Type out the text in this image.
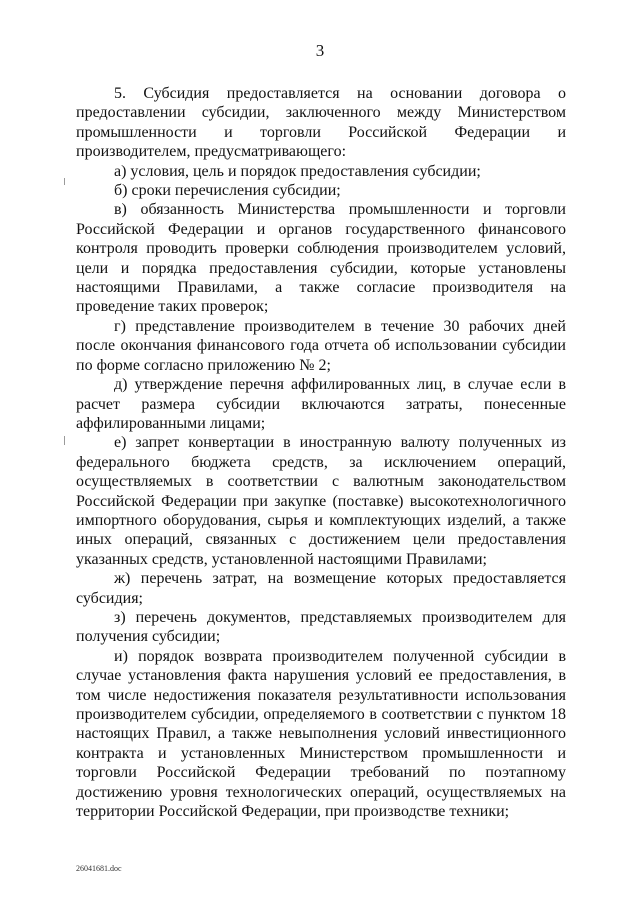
3

5. Субсидия предоставляется на основании договора о предоставлении субсидии, заключенного между Министерством промышленности и торговли Российской Федерации и производителем, предусматривающего:

а) условия, цель и порядок предоставления субсидии;

б) сроки перечисления субсидии;

в) обязанность Министерства промышленности и торговли Российской Федерации и органов государственного финансового контроля проводить проверки соблюдения производителем условий, цели и порядка предоставления субсидии, которые установлены настоящими Правилами, а также согласие производителя на проведение таких проверок;

г) представление производителем в течение 30 рабочих дней после окончания финансового года отчета об использовании субсидии по форме согласно приложению № 2;

д) утверждение перечня аффилированных лиц, в случае если в расчет размера субсидии включаются затраты, понесенные аффилированными лицами;

е) запрет конвертации в иностранную валюту полученных из федерального бюджета средств, за исключением операций, осуществляемых в соответствии с валютным законодательством Российской Федерации при закупке (поставке) высокотехнологичного импортного оборудования, сырья и комплектующих изделий, а также иных операций, связанных с достижением цели предоставления указанных средств, установленной настоящими Правилами;

ж) перечень затрат, на возмещение которых предоставляется субсидия;

з) перечень документов, представляемых производителем для получения субсидии;

и) порядок возврата производителем полученной субсидии в случае установления факта нарушения условий ее предоставления, в том числе недостижения показателя результативности использования производителем субсидии, определяемого в соответствии с пунктом 18 настоящих Правил, а также невыполнения условий инвестиционного контракта и установленных Министерством промышленности и торговли Российской Федерации требований по поэтапному достижению уровня технологических операций, осуществляемых на территории Российской Федерации, при производстве техники;

26041681.doc
